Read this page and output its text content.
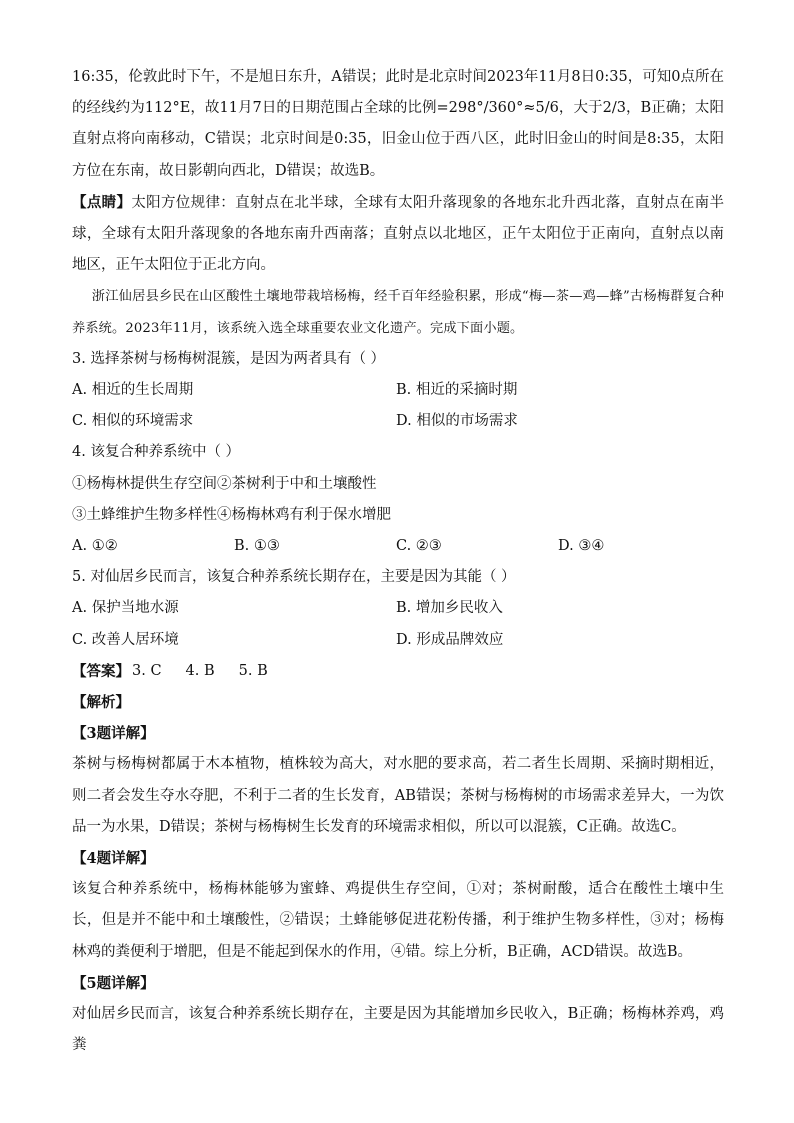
16:35，伦敦此时下午，不是旭日东升，A错误；此时是北京时间2023年11月8日0:35，可知0点所在的经线约为112°E，故11月7日的日期范围占全球的比例=298°/360°≈5/6，大于2/3，B正确；太阳直射点将向南移动，C错误；北京时间是0:35，旧金山位于西八区，此时旧金山的时间是8:35，太阳方位在东南，故日影朝向西北，D错误；故选B。

【点睛】太阳方位规律：直射点在北半球，全球有太阳升落现象的各地东北升西北落，直射点在南半球，全球有太阳升落现象的各地东南升西南落；直射点以北地区，正午太阳位于正南向，直射点以南地区，正午太阳位于正北方向。

浙江仙居县乡民在山区酸性土壤地带栽培杨梅，经千百年经验积累，形成“梅—茶—鸡—蜂”古杨梅群复合种养系统。2023年11月，该系统入选全球重要农业文化遗产。完成下面小题。

3. 选择茶树与杨梅树混簇，是因为两者具有（ ）

A. 相近的生长周期	B. 相近的采摘时期
C. 相似的环境需求	D. 相似的市场需求

4. 该复合种养系统中（ ）

①杨梅林提供生存空间②茶树利于中和土壤酸性

③土蜂维护生物多样性④杨梅林鸡有利于保水增肥

A. ①②	B. ①③	C. ②③	D. ③④

5. 对仙居乡民而言，该复合种养系统长期存在，主要是因为其能（ ）

A. 保护当地水源	B. 增加乡民收入
C. 改善人居环境	D. 形成品牌效应
【答案】 3. C 4. B 5. B

【解析】

【3题详解】

茶树与杨梅树都属于木本植物，植株较为高大，对水肥的要求高，若二者生长周期、采摘时期相近，则二者会发生夺水夺肥，不利于二者的生长发育，AB错误；茶树与杨梅树的市场需求差异大，一为饮品一为水果，D错误；茶树与杨梅树生长发育的环境需求相似，所以可以混簇，C正确。故选C。

【4题详解】

该复合种养系统中，杨梅林能够为蜜蜂、鸡提供生存空间，①对；茶树耐酸，适合在酸性土壤中生长，但是并不能中和土壤酸性，②错误；土蜂能够促进花粉传播，利于维护生物多样性，③对；杨梅林鸡的粪便利于增肥，但是不能起到保水的作用，④错。综上分析，B正确，ACD错误。故选B。

【5题详解】

对仙居乡民而言，该复合种养系统长期存在，主要是因为其能增加乡民收入，B正确；杨梅林养鸡，鸡粪
